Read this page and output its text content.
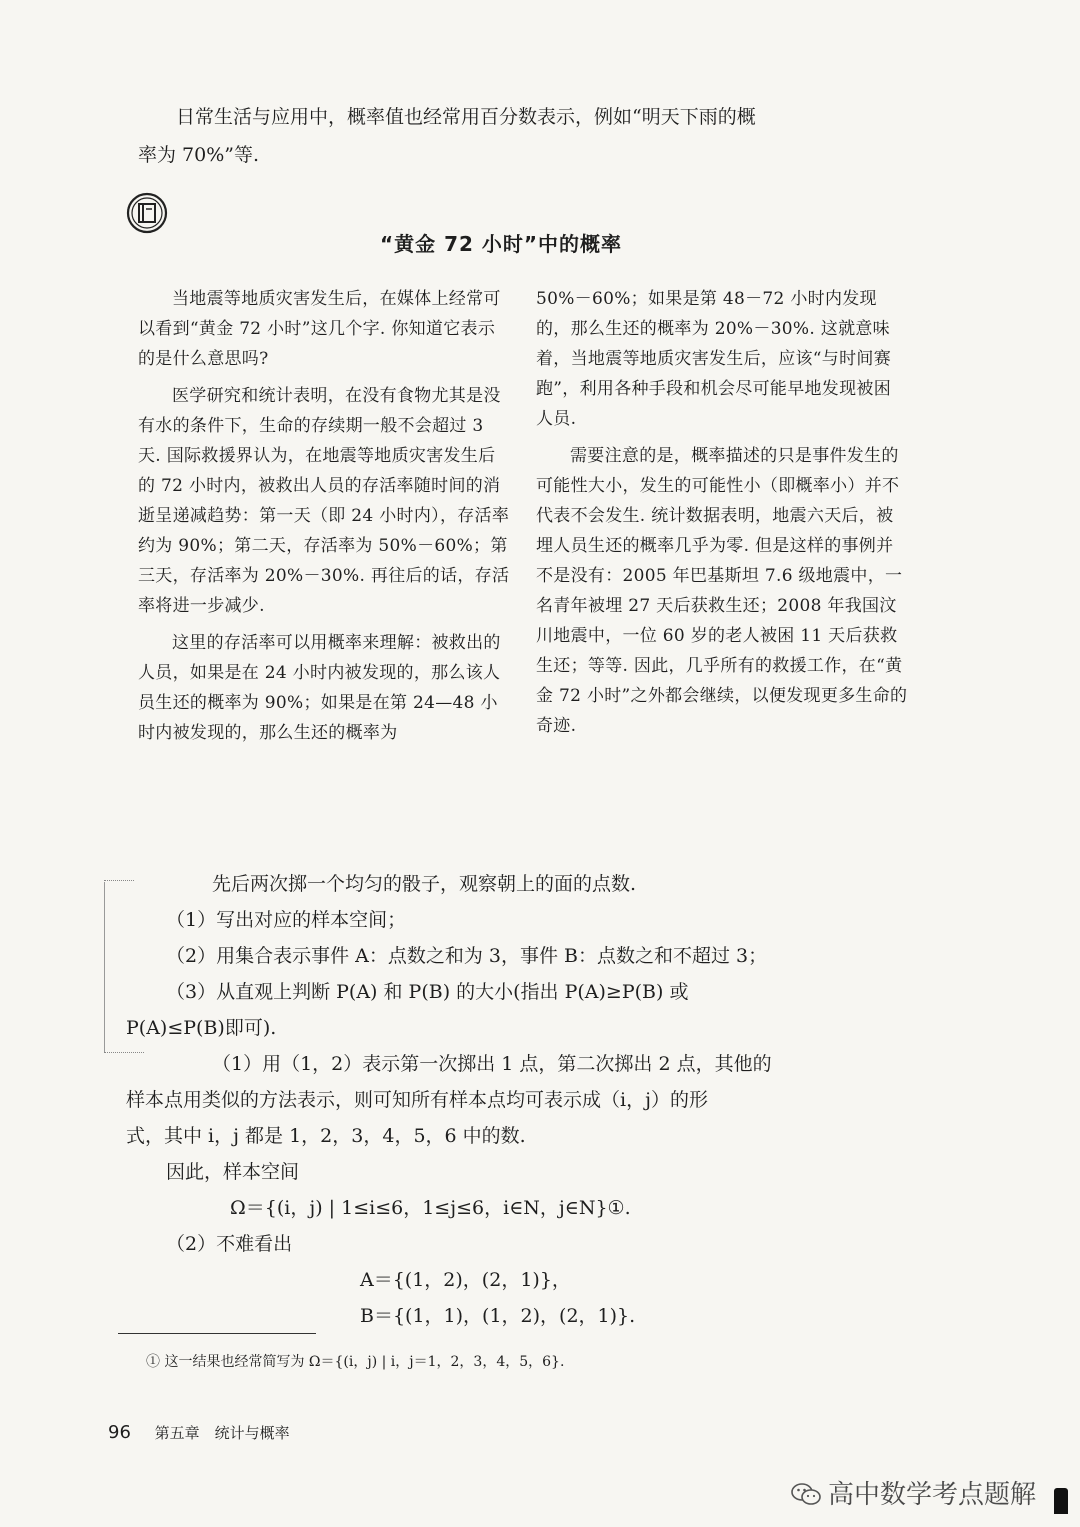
日常生活与应用中，概率值也经常用百分数表示，例如“明天下雨的概
率为 70%”等.
“黄金 72 小时”中的概率

当地震等地质灾害发生后，在媒体上经常可以看到“黄金 72 小时”这几个字. 你知道它表示的是什么意思吗?

医学研究和统计表明，在没有食物尤其是没有水的条件下，生命的存续期一般不会超过 3 天. 国际救援界认为，在地震等地质灾害发生后的 72 小时内，被救出人员的存活率随时间的消逝呈递减趋势：第一天（即 24 小时内），存活率约为 90%；第二天，存活率为 50%－60%；第三天，存活率为 20%－30%. 再往后的话，存活率将进一步减少.

这里的存活率可以用概率来理解：被救出的人员，如果是在 24 小时内被发现的，那么该人员生还的概率为 90%；如果是在第 24—48 小时内被发现的，那么生还的概率为

50%－60%；如果是第 48－72 小时内发现的，那么生还的概率为 20%－30%. 这就意味着，当地震等地质灾害发生后，应该“与时间赛跑”，利用各种手段和机会尽可能早地发现被困人员.

需要注意的是，概率描述的只是事件发生的可能性大小，发生的可能性小（即概率小）并不代表不会发生. 统计数据表明，地震六天后，被埋人员生还的概率几乎为零. 但是这样的事例并不是没有：2005 年巴基斯坦 7.6 级地震中，一名青年被埋 27 天后获救生还；2008 年我国汶川地震中，一位 60 岁的老人被困 11 天后获救生还；等等. 因此，几乎所有的救援工作，在“黄金 72 小时”之外都会继续，以便发现更多生命的奇迹.

先后两次掷一个均匀的骰子，观察朝上的面的点数.
（1）写出对应的样本空间；
（2）用集合表示事件 A：点数之和为 3，事件 B：点数之和不超过 3；
（3）从直观上判断 P(A) 和 P(B) 的大小(指出 P(A)≥P(B) 或
P(A)≤P(B)即可).
（1）用（1，2）表示第一次掷出 1 点，第二次掷出 2 点，其他的
样本点用类似的方法表示，则可知所有样本点均可表示成（i，j）的形
式，其中 i，j 都是 1，2，3，4，5，6 中的数.
因此，样本空间
Ω＝{(i，j) | 1≤i≤6，1≤j≤6，i∈N，j∈N}①.
（2）不难看出
A＝{(1，2)，(2，1)}，
B＝{(1，1)，(1，2)，(2，1)}.
① 这一结果也经常简写为 Ω＝{(i，j) | i，j＝1，2，3，4，5，6}.
96 第五章　统计与概率
高中数学考点题解
